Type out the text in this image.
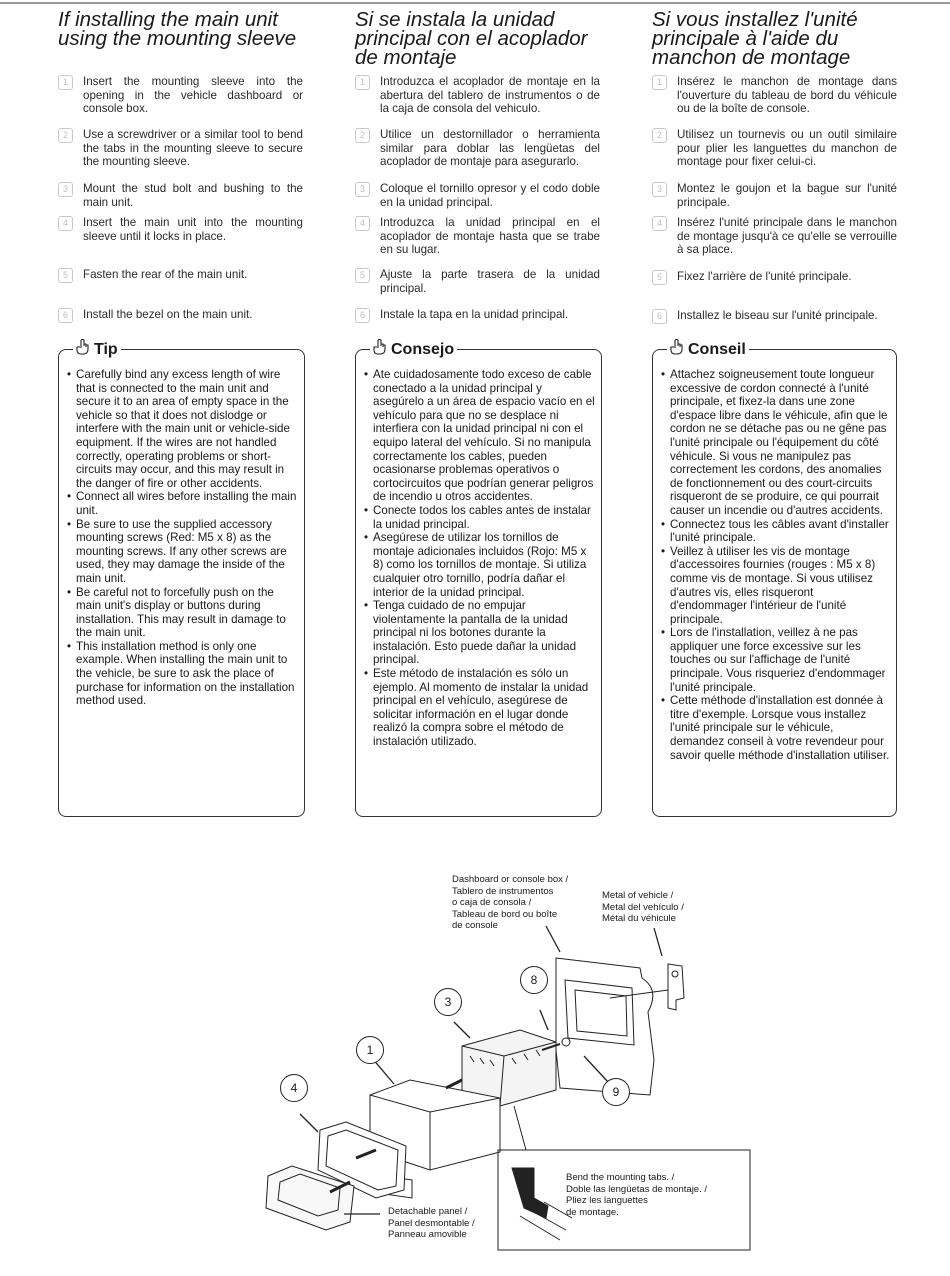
If installing the main unit
using the mounting sleeve
Si se instala la unidad
principal con el acoplador
de montaje
Si vous installez l'unité
principale à l'aide du
manchon de montage
1	Insert the mounting sleeve into the opening in the vehicle dashboard or console box.
2	Use a screwdriver or a similar tool to bend the tabs in the mounting sleeve to secure the mounting sleeve.
3	Mount the stud bolt and bushing to the main unit.
4	Insert the main unit into the mounting sleeve until it locks in place.
5	Fasten the rear of the main unit.
6	Install the bezel on the main unit.
1	Introduzca el acoplador de montaje en la abertura del tablero de instrumentos o de la caja de consola del vehiculo.
2	Utilice un destornillador o herramienta similar para doblar las lengüetas del acoplador de montaje para asegurarlo.
3	Coloque el tornillo opresor y el codo doble en la unidad principal.
4	Introduzca la unidad principal en el acoplador de montaje hasta que se trabe en su lugar.
5	Ajuste la parte trasera de la unidad principal.
6	Instale la tapa en la unidad principal.
1	Insérez le manchon de montage dans l'ouverture du tableau de bord du véhicule ou de la boîte de console.
2	Utilisez un tournevis ou un outil similaire pour plier les languettes du manchon de montage pour fixer celui-ci.
3	Montez le goujon et la bague sur l'unité principale.
4	Insérez l'unité principale dans le manchon de montage jusqu'à ce qu'elle se verrouille à sa place.
5	Fixez l'arrière de l'unité principale.
6	Installez le biseau sur l'unité principale.
Tip
• Carefully bind any excess length of wire that is connected to the main unit and secure it to an area of empty space in the vehicle so that it does not dislodge or interfere with the main unit or vehicle-side equipment. If the wires are not handled correctly, operating problems or short-circuits may occur, and this may result in the danger of fire or other accidents.
• Connect all wires before installing the main unit.
• Be sure to use the supplied accessory mounting screws (Red: M5 x 8) as the mounting screws. If any other screws are used, they may damage the inside of the main unit.
• Be careful not to forcefully push on the main unit's display or buttons during installation. This may result in damage to the main unit.
• This installation method is only one example. When installing the main unit to the vehicle, be sure to ask the place of purchase for information on the installation method used.
Consejo
• Ate cuidadosamente todo exceso de cable conectado a la unidad principal y asegúrelo a un área de espacio vacío en el vehículo para que no se desplace ni interfiera con la unidad principal ni con el equipo lateral del vehículo. Si no manipula correctamente los cables, pueden ocasionarse problemas operativos o cortocircuitos que podrían generar peligros de incendio u otros accidentes.
• Conecte todos los cables antes de instalar la unidad principal.
• Asegúrese de utilizar los tornillos de montaje adicionales incluidos (Rojo: M5 x 8) como los tornillos de montaje. Si utiliza cualquier otro tornillo, podría dañar el interior de la unidad principal.
• Tenga cuidado de no empujar violentamente la pantalla de la unidad principal ni los botones durante la instalación. Esto puede dañar la unidad principal.
• Este método de instalación es sólo un ejemplo. Al momento de instalar la unidad principal en el vehículo, asegúrese de solicitar información en el lugar donde realizó la compra sobre el método de instalación utilizado.
Conseil
• Attachez soigneusement toute longueur excessive de cordon connecté à l'unité principale, et fixez-la dans une zone d'espace libre dans le véhicule, afin que le cordon ne se détache pas ou ne gêne pas l'unité principale ou l'équipement du côté véhicule. Si vous ne manipulez pas correctement les cordons, des anomalies de fonctionnement ou des court-circuits risqueront de se produire, ce qui pourrait causer un incendie ou d'autres accidents.
• Connectez tous les câbles avant d'installer l'unité principale.
• Veillez à utiliser les vis de montage d'accessoires fournies (rouges : M5 x 8) comme vis de montage. Si vous utilisez d'autres vis, elles risqueront d'endommager l'intérieur de l'unité principale.
• Lors de l'installation, veillez à ne pas appliquer une force excessive sur les touches ou sur l'affichage de l'unité principale. Vous risqueriez d'endommager l'unité principale.
• Cette méthode d'installation est donnée à titre d'exemple. Lorsque vous installez l'unité principale sur le véhicule, demandez conseil à votre revendeur pour savoir quelle méthode d'installation utiliser.
Dashboard or console box /
Tablero de instrumentos
o caja de consola /
Tableau de bord ou boîte
de console
Metal of vehicle /
Metal del vehículo /
Métal du véhicule
Detachable panel /
Panel desmontable /
Panneau amovible
Bend the mounting tabs. /
Doble las lengüetas de montaje. /
Pliez les languettes
de montage.
1
3
4
8
9
